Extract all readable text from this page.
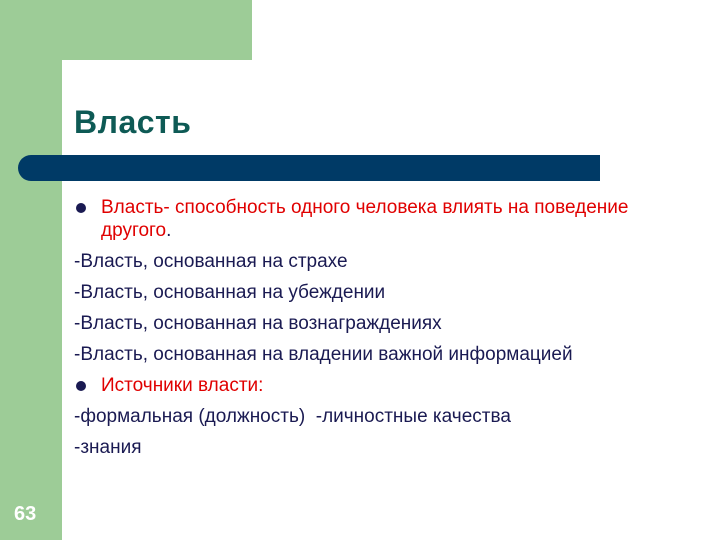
Власть
Власть- способность одного человека влиять на поведение другого.
-Власть, основанная на страхе
-Власть, основанная на убеждении
-Власть, основанная на вознаграждениях
-Власть, основанная на владении важной информацией
Источники власти:
-формальная (должность)  -личностные качества
-знания
63
